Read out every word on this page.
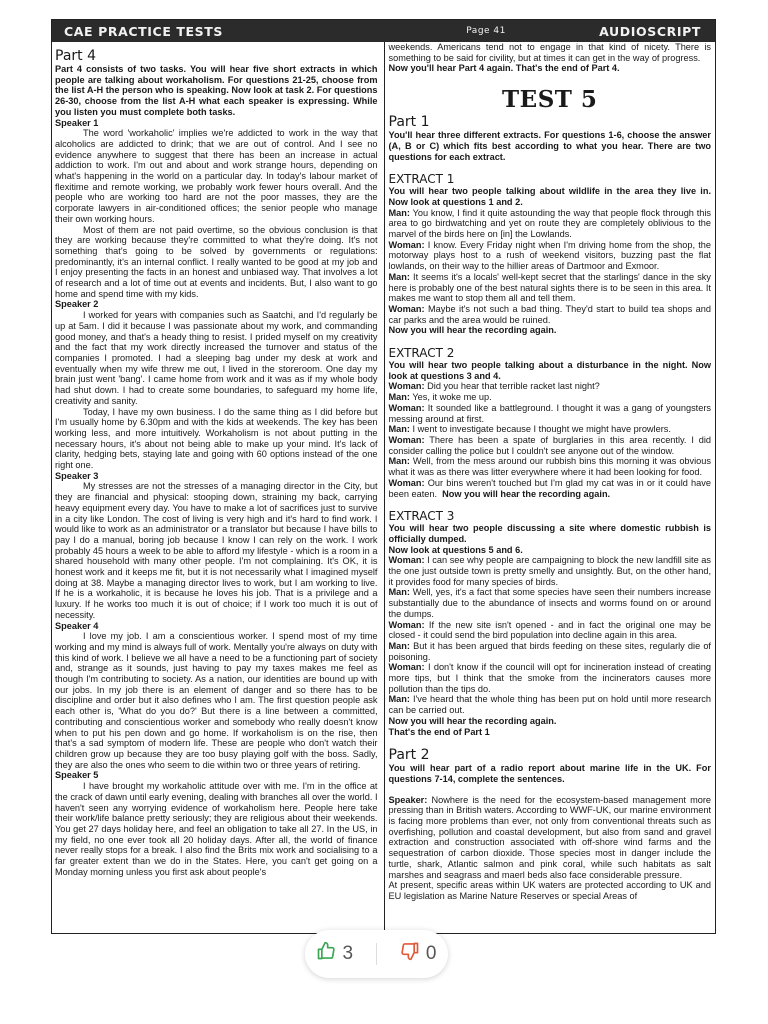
CAE PRACTICE TESTS	Page 41	AUDIOSCRIPT
Part 4

Part 4 consists of two tasks. You will hear five short extracts in which people are talking about workaholism. For questions 21-25, choose from the list A-H the person who is speaking. Now look at task 2. For questions 26-30, choose from the list A-H what each speaker is expressing. While you listen you must complete both tasks.

Speaker 1

The word 'workaholic' implies we're addicted to work in the way that alcoholics are addicted to drink; that we are out of control. And I see no evidence anywhere to suggest that there has been an increase in actual addiction to work. I'm out and about and work strange hours, depending on what's happening in the world on a particular day. In today's labour market of flexitime and remote working, we probably work fewer hours overall. And the people who are working too hard are not the poor masses, they are the corporate lawyers in air-conditioned offices; the senior people who manage their own working hours.

Most of them are not paid overtime, so the obvious conclusion is that they are working because they're committed to what they're doing. It's not something that's going to be solved by governments or regulations: predominantly, it's an internal conflict. I really wanted to be good at my job and I enjoy presenting the facts in an honest and unbiased way. That involves a lot of research and a lot of time out at events and incidents. But, I also want to go home and spend time with my kids.

Speaker 2

I worked for years with companies such as Saatchi, and I'd regularly be up at 5am. I did it because I was passionate about my work, and commanding good money, and that's a heady thing to resist. I prided myself on my creativity and the fact that my work directly increased the turnover and status of the companies I promoted. I had a sleeping bag under my desk at work and eventually when my wife threw me out, I lived in the storeroom. One day my brain just went 'bang'. I came home from work and it was as if my whole body had shut down. I had to create some boundaries, to safeguard my home life, creativity and sanity.

Today, I have my own business. I do the same thing as I did before but I'm usually home by 6.30pm and with the kids at weekends. The key has been working less, and more intuitively. Workaholism is not about putting in the necessary hours, it's about not being able to make up your mind. It's lack of clarity, hedging bets, staying late and going with 60 options instead of the one right one.

Speaker 3

My stresses are not the stresses of a managing director in the City, but they are financial and physical: stooping down, straining my back, carrying heavy equipment every day. You have to make a lot of sacrifices just to survive in a city like London. The cost of living is very high and it's hard to find work. I would like to work as an administrator or a translator but because I have bills to pay I do a manual, boring job because I know I can rely on the work. I work probably 45 hours a week to be able to afford my lifestyle - which is a room in a shared household with many other people. I'm not complaining. It's OK, it is honest work and it keeps me fit, but it is not necessarily what I imagined myself doing at 38. Maybe a managing director lives to work, but I am working to live. If he is a workaholic, it is because he loves his job. That is a privilege and a luxury. If he works too much it is out of choice; if I work too much it is out of necessity.

Speaker 4

I love my job. I am a conscientious worker. I spend most of my time working and my mind is always full of work. Mentally you're always on duty with this kind of work. I believe we all have a need to be a functioning part of society and, strange as it sounds, just having to pay my taxes makes me feel as though I'm contributing to society. As a nation, our identities are bound up with our jobs. In my job there is an element of danger and so there has to be discipline and order but it also defines who I am. The first question people ask each other is, 'What do you do?' But there is a line between a committed, contributing and conscientious worker and somebody who really doesn't know when to put his pen down and go home. If workaholism is on the rise, then that's a sad symptom of modern life. These are people who don't watch their children grow up because they are too busy playing golf with the boss. Sadly, they are also the ones who seem to die within two or three years of retiring.

Speaker 5

I have brought my workaholic attitude over with me. I'm in the office at the crack of dawn until early evening, dealing with branches all over the world. I haven't seen any worrying evidence of workaholism here. People here take their work/life balance pretty seriously; they are religious about their weekends. You get 27 days holiday here, and feel an obligation to take all 27. In the US, in my field, no one ever took all 20 holiday days. After all, the world of finance never really stops for a break. I also find the Brits mix work and socialising to a far greater extent than we do in the States. Here, you can't get going on a Monday morning unless you first ask about people's

weekends. Americans tend not to engage in that kind of nicety. There is something to be said for civility, but at times it can get in the way of progress.

Now you'll hear Part 4 again. That's the end of Part 4.

TEST 5
Part 1

You'll hear three different extracts. For questions 1-6, choose the answer (A, B or C) which fits best according to what you hear. There are two questions for each extract.

EXTRACT 1

You will hear two people talking about wildlife in the area they live in. Now look at questions 1 and 2.

Man: You know, I find it quite astounding the way that people flock through this area to go birdwatching and yet on route they are completely oblivious to the marvel of the birds here on [in] the Lowlands.

Woman: I know. Every Friday night when I'm driving home from the shop, the motorway plays host to a rush of weekend visitors, buzzing past the flat lowlands, on their way to the hillier areas of Dartmoor and Exmoor.

Man: It seems it's a locals' well-kept secret that the starlings' dance in the sky here is probably one of the best natural sights there is to be seen in this area. It makes me want to stop them all and tell them.

Woman: Maybe it's not such a bad thing. They'd start to build tea shops and car parks and the area would be ruined.

Now you will hear the recording again.

EXTRACT 2

You will hear two people talking about a disturbance in the night. Now look at questions 3 and 4.

Woman: Did you hear that terrible racket last night?

Man: Yes, it woke me up.

Woman: It sounded like a battleground. I thought it was a gang of youngsters messing around at first.

Man: I went to investigate because I thought we might have prowlers.

Woman: There has been a spate of burglaries in this area recently. I did consider calling the police but I couldn't see anyone out of the window.

Man: Well, from the mess around our rubbish bins this morning it was obvious what it was as there was litter everywhere where it had been looking for food.

Woman: Our bins weren't touched but I'm glad my cat was in or it could have been eaten. Now you will hear the recording again.

EXTRACT 3

You will hear two people discussing a site where domestic rubbish is officially dumped.

Now look at questions 5 and 6.

Woman: I can see why people are campaigning to block the new landfill site as the one just outside town is pretty smelly and unsightly. But, on the other hand, it provides food for many species of birds.

Man: Well, yes, it's a fact that some species have seen their numbers increase substantially due to the abundance of insects and worms found on or around the dumps.

Woman: If the new site isn't opened - and in fact the original one may be closed - it could send the bird population into decline again in this area.

Man: But it has been argued that birds feeding on these sites, regularly die of poisoning.

Woman: I don't know if the council will opt for incineration instead of creating more tips, but I think that the smoke from the incinerators causes more pollution than the tips do.

Man: I've heard that the whole thing has been put on hold until more research can be carried out.

Now you will hear the recording again.

That's the end of Part 1

Part 2

You will hear part of a radio report about marine life in the UK. For questions 7-14, complete the sentences.

Speaker: Nowhere is the need for the ecosystem-based management more pressing than in British waters. According to WWF-UK, our marine environment is facing more problems than ever, not only from conventional threats such as overfishing, pollution and coastal development, but also from sand and gravel extraction and construction associated with off-shore wind farms and the sequestration of carbon dioxide. Those species most in danger include the turtle, shark, Atlantic salmon and pink coral, while such habitats as salt marshes and seagrass and maerl beds also face considerable pressure.

At present, specific areas within UK waters are protected according to UK and EU legislation as Marine Nature Reserves or special Areas of

3	0
